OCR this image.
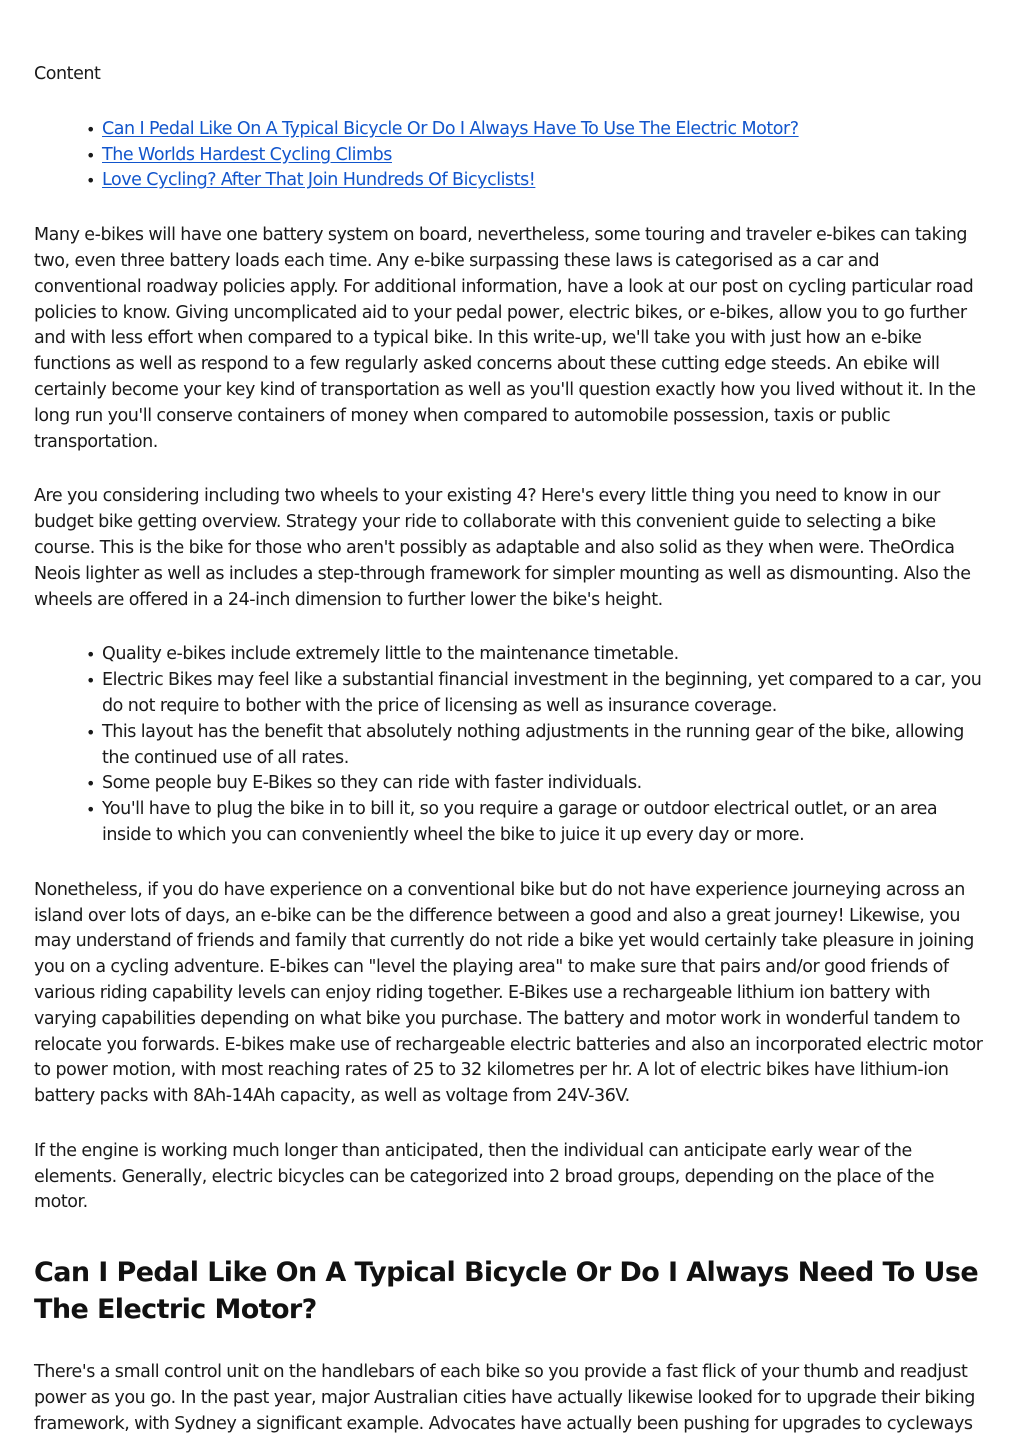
Content

• Can I Pedal Like On A Typical Bicycle Or Do I Always Have To Use The Electric Motor?
• The Worlds Hardest Cycling Climbs
• Love Cycling? After That Join Hundreds Of Bicyclists!

Many e-bikes will have one battery system on board, nevertheless, some touring and traveler e-bikes can taking two, even three battery loads each time. Any e-bike surpassing these laws is categorised as a car and conventional roadway policies apply. For additional information, have a look at our post on cycling particular road policies to know. Giving uncomplicated aid to your pedal power, electric bikes, or e-bikes, allow you to go further and with less effort when compared to a typical bike. In this write-up, we'll take you with just how an e-bike functions as well as respond to a few regularly asked concerns about these cutting edge steeds. An ebike will certainly become your key kind of transportation as well as you'll question exactly how you lived without it. In the long run you'll conserve containers of money when compared to automobile possession, taxis or public transportation.

Are you considering including two wheels to your existing 4? Here's every little thing you need to know in our budget bike getting overview. Strategy your ride to collaborate with this convenient guide to selecting a bike course. This is the bike for those who aren't possibly as adaptable and also solid as they when were. TheOrdica Neois lighter as well as includes a step-through framework for simpler mounting as well as dismounting. Also the wheels are offered in a 24-inch dimension to further lower the bike's height.

• Quality e-bikes include extremely little to the maintenance timetable.
• Electric Bikes may feel like a substantial financial investment in the beginning, yet compared to a car, you do not require to bother with the price of licensing as well as insurance coverage.
• This layout has the benefit that absolutely nothing adjustments in the running gear of the bike, allowing the continued use of all rates.
• Some people buy E-Bikes so they can ride with faster individuals.
• You'll have to plug the bike in to bill it, so you require a garage or outdoor electrical outlet, or an area inside to which you can conveniently wheel the bike to juice it up every day or more.

Nonetheless, if you do have experience on a conventional bike but do not have experience journeying across an island over lots of days, an e-bike can be the difference between a good and also a great journey! Likewise, you may understand of friends and family that currently do not ride a bike yet would certainly take pleasure in joining you on a cycling adventure. E-bikes can "level the playing area" to make sure that pairs and/or good friends of various riding capability levels can enjoy riding together. E-Bikes use a rechargeable lithium ion battery with varying capabilities depending on what bike you purchase. The battery and motor work in wonderful tandem to relocate you forwards. E-bikes make use of rechargeable electric batteries and also an incorporated electric motor to power motion, with most reaching rates of 25 to 32 kilometres per hr. A lot of electric bikes have lithium-ion battery packs with 8Ah-14Ah capacity, as well as voltage from 24V-36V.

If the engine is working much longer than anticipated, then the individual can anticipate early wear of the elements. Generally, electric bicycles can be categorized into 2 broad groups, depending on the place of the motor.

Can I Pedal Like On A Typical Bicycle Or Do I Always Need To Use The Electric Motor?

There's a small control unit on the handlebars of each bike so you provide a fast flick of your thumb and readjust power as you go. In the past year, major Australian cities have actually likewise looked for to upgrade their biking framework, with Sydney a significant example. Advocates have actually been pushing for upgrades to cycleways
